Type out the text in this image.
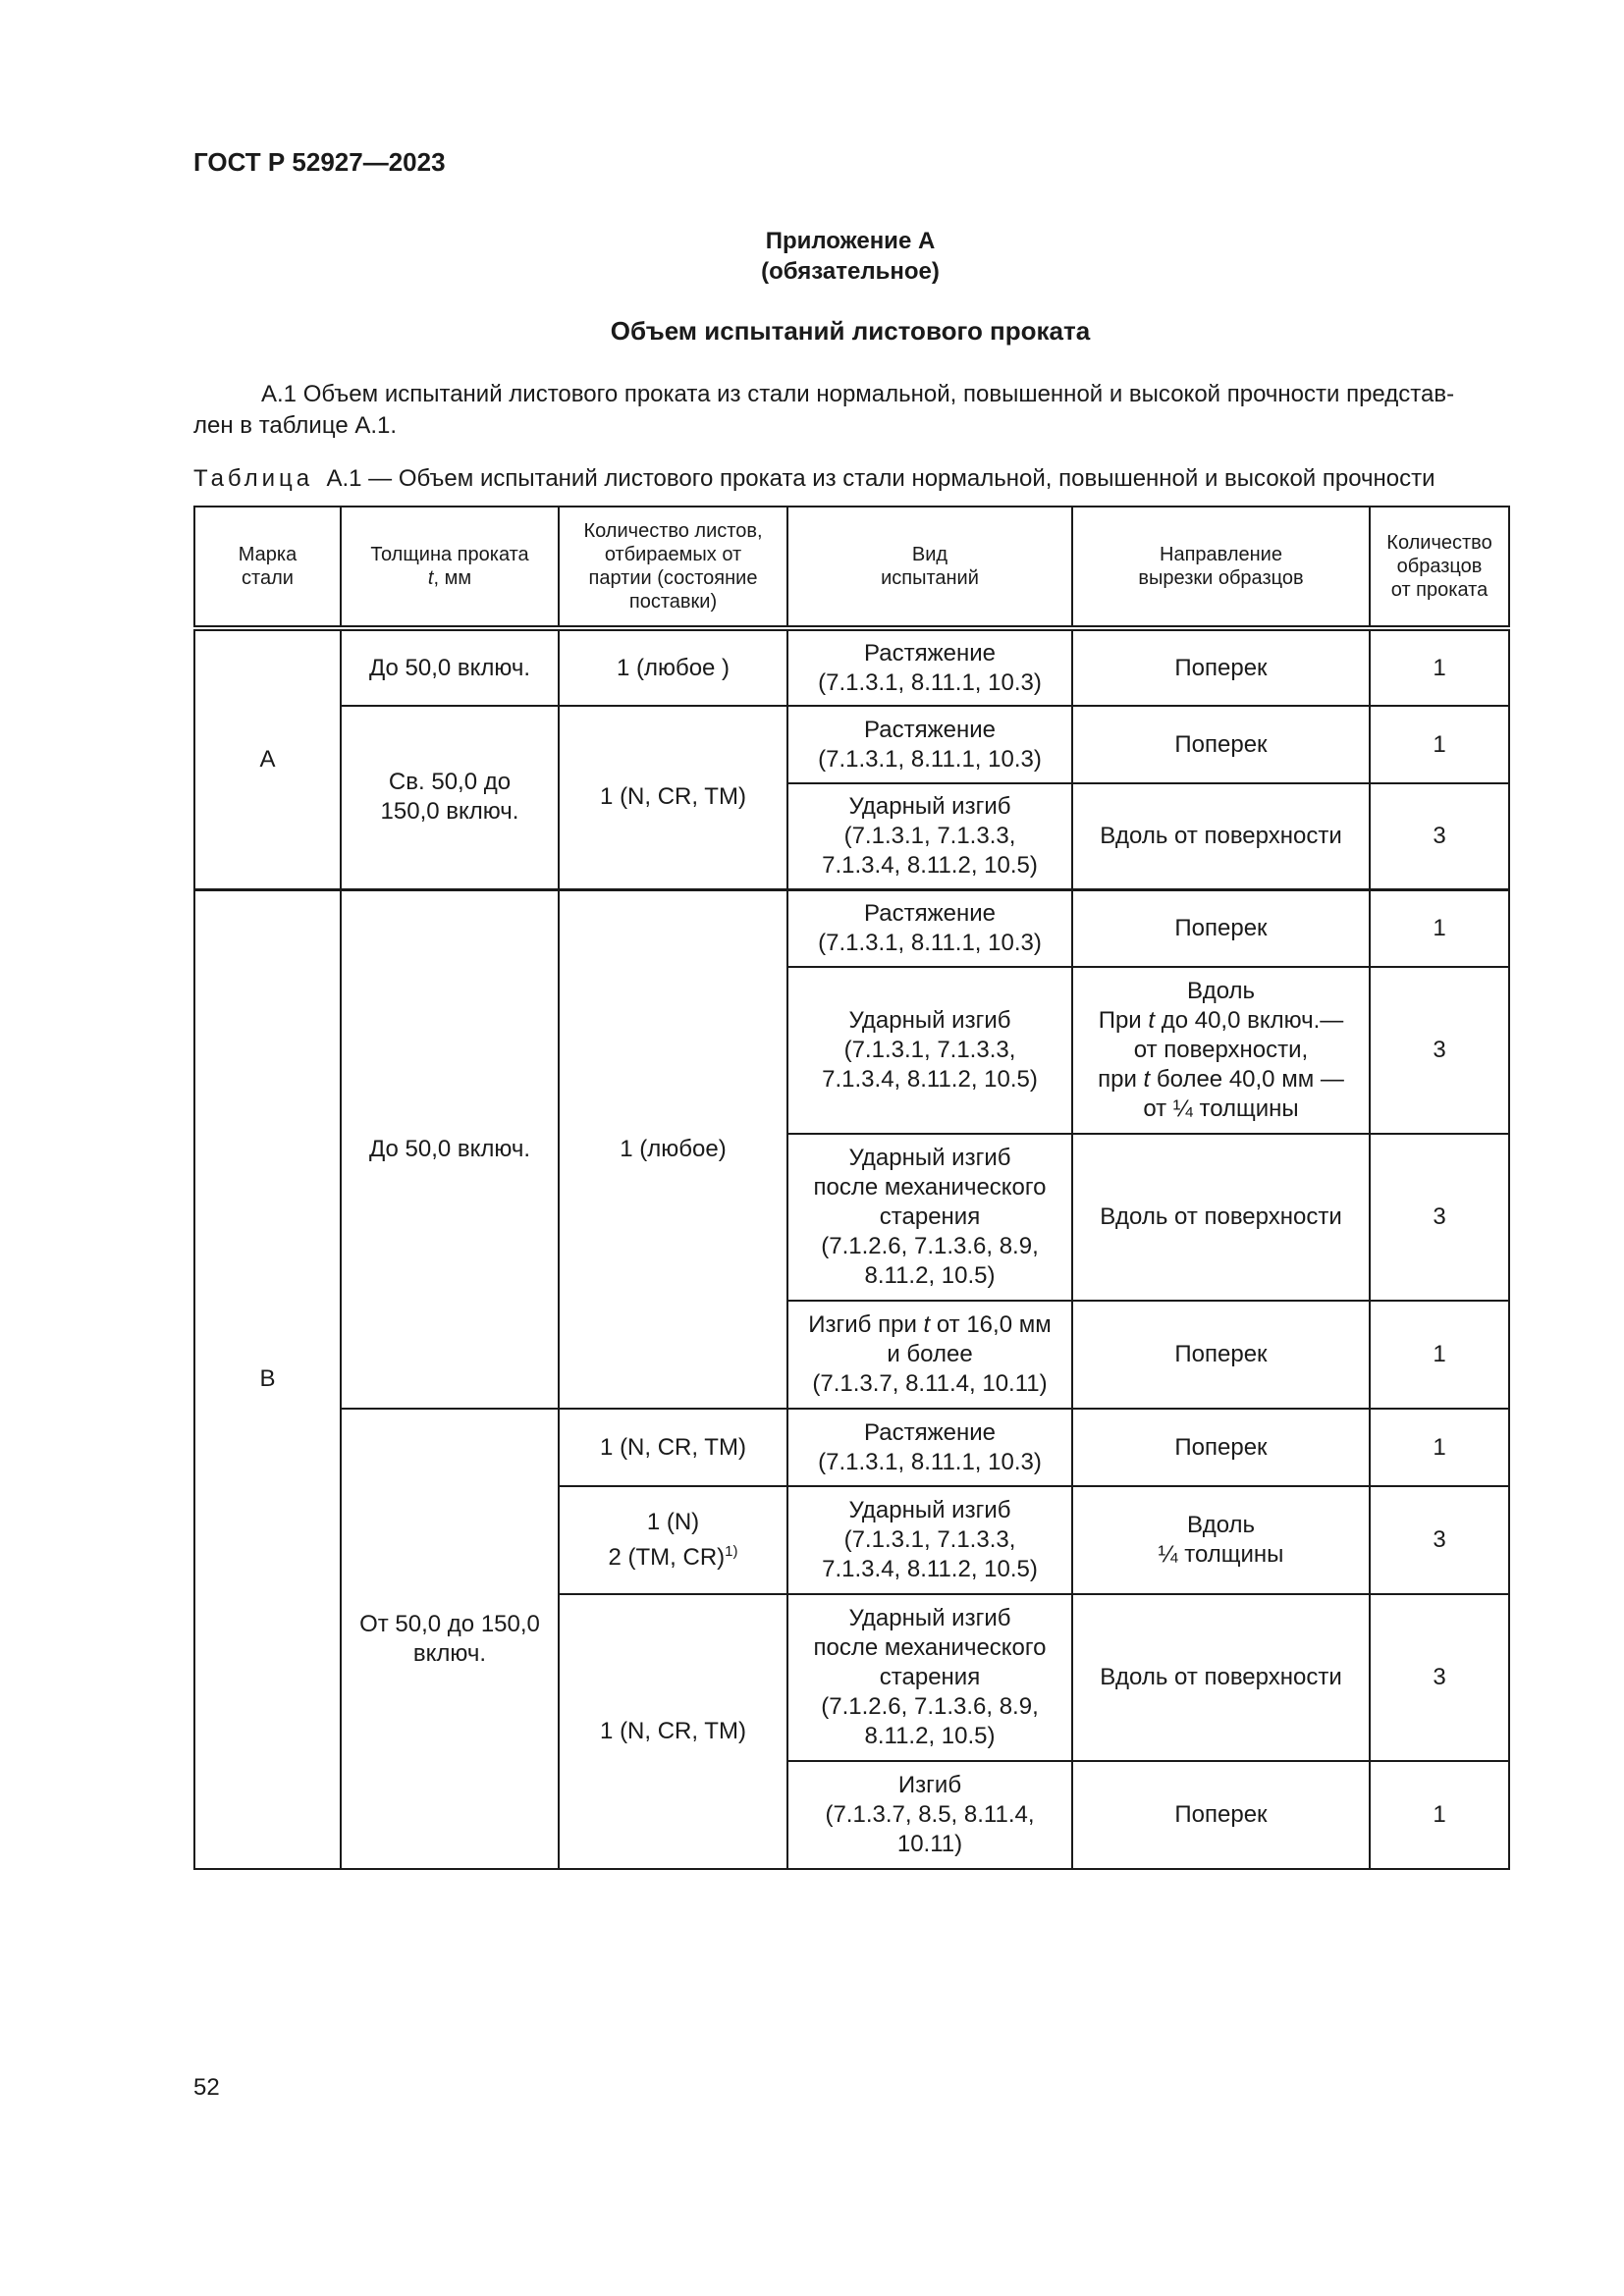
ГОСТ Р 52927—2023
Приложение А
(обязательное)
Объем испытаний листового проката
А.1 Объем испытаний листового проката из стали нормальной, повышенной и высокой прочности представ-
лен в таблице А.1.
Таблица А.1 — Объем испытаний листового проката из стали нормальной, повышенной и высокой прочности
Марка
стали	Толщина проката
t, мм	Количество листов,
отбираемых от
партии (состояние
поставки)	Вид
испытаний	Направление
вырезки образцов	Количество
образцов
от проката
А	До 50,0 включ.	1 (любое )	Растяжение
(7.1.3.1, 8.11.1, 10.3)	Поперек	1
	Св. 50,0 до
150,0 включ.	1 (N, CR, TM)	Растяжение
(7.1.3.1, 8.11.1, 10.3)	Поперек	1
			Ударный изгиб
(7.1.3.1, 7.1.3.3,
7.1.3.4, 8.11.2, 10.5)	Вдоль от поверхности	3
В	До 50,0 включ.	1 (любое)	Растяжение
(7.1.3.1, 8.11.1, 10.3)	Поперек	1
			Ударный изгиб
(7.1.3.1, 7.1.3.3,
7.1.3.4, 8.11.2, 10.5)	Вдоль
При t до 40,0 включ.—
от поверхности,
при t более 40,0 мм —
от ¼ толщины	3
			Ударный изгиб
после механического
старения
(7.1.2.6, 7.1.3.6, 8.9,
8.11.2, 10.5)	Вдоль от поверхности	3
			Изгиб при t от 16,0 мм
и более
(7.1.3.7, 8.11.4, 10.11)	Поперек	1
	От 50,0 до 150,0
включ.	1 (N, CR, TM)	Растяжение
(7.1.3.1, 8.11.1, 10.3)	Поперек	1
		1 (N)
2 (TM, CR)$^{1)}$	Ударный изгиб
(7.1.3.1, 7.1.3.3,
7.1.3.4, 8.11.2, 10.5)	Вдоль
¼ толщины	3
		1 (N, CR, TM)	Ударный изгиб
после механического
старения
(7.1.2.6, 7.1.3.6, 8.9,
8.11.2, 10.5)	Вдоль от поверхности	3
			Изгиб
(7.1.3.7, 8.5, 8.11.4,
10.11)	Поперек	1
52
